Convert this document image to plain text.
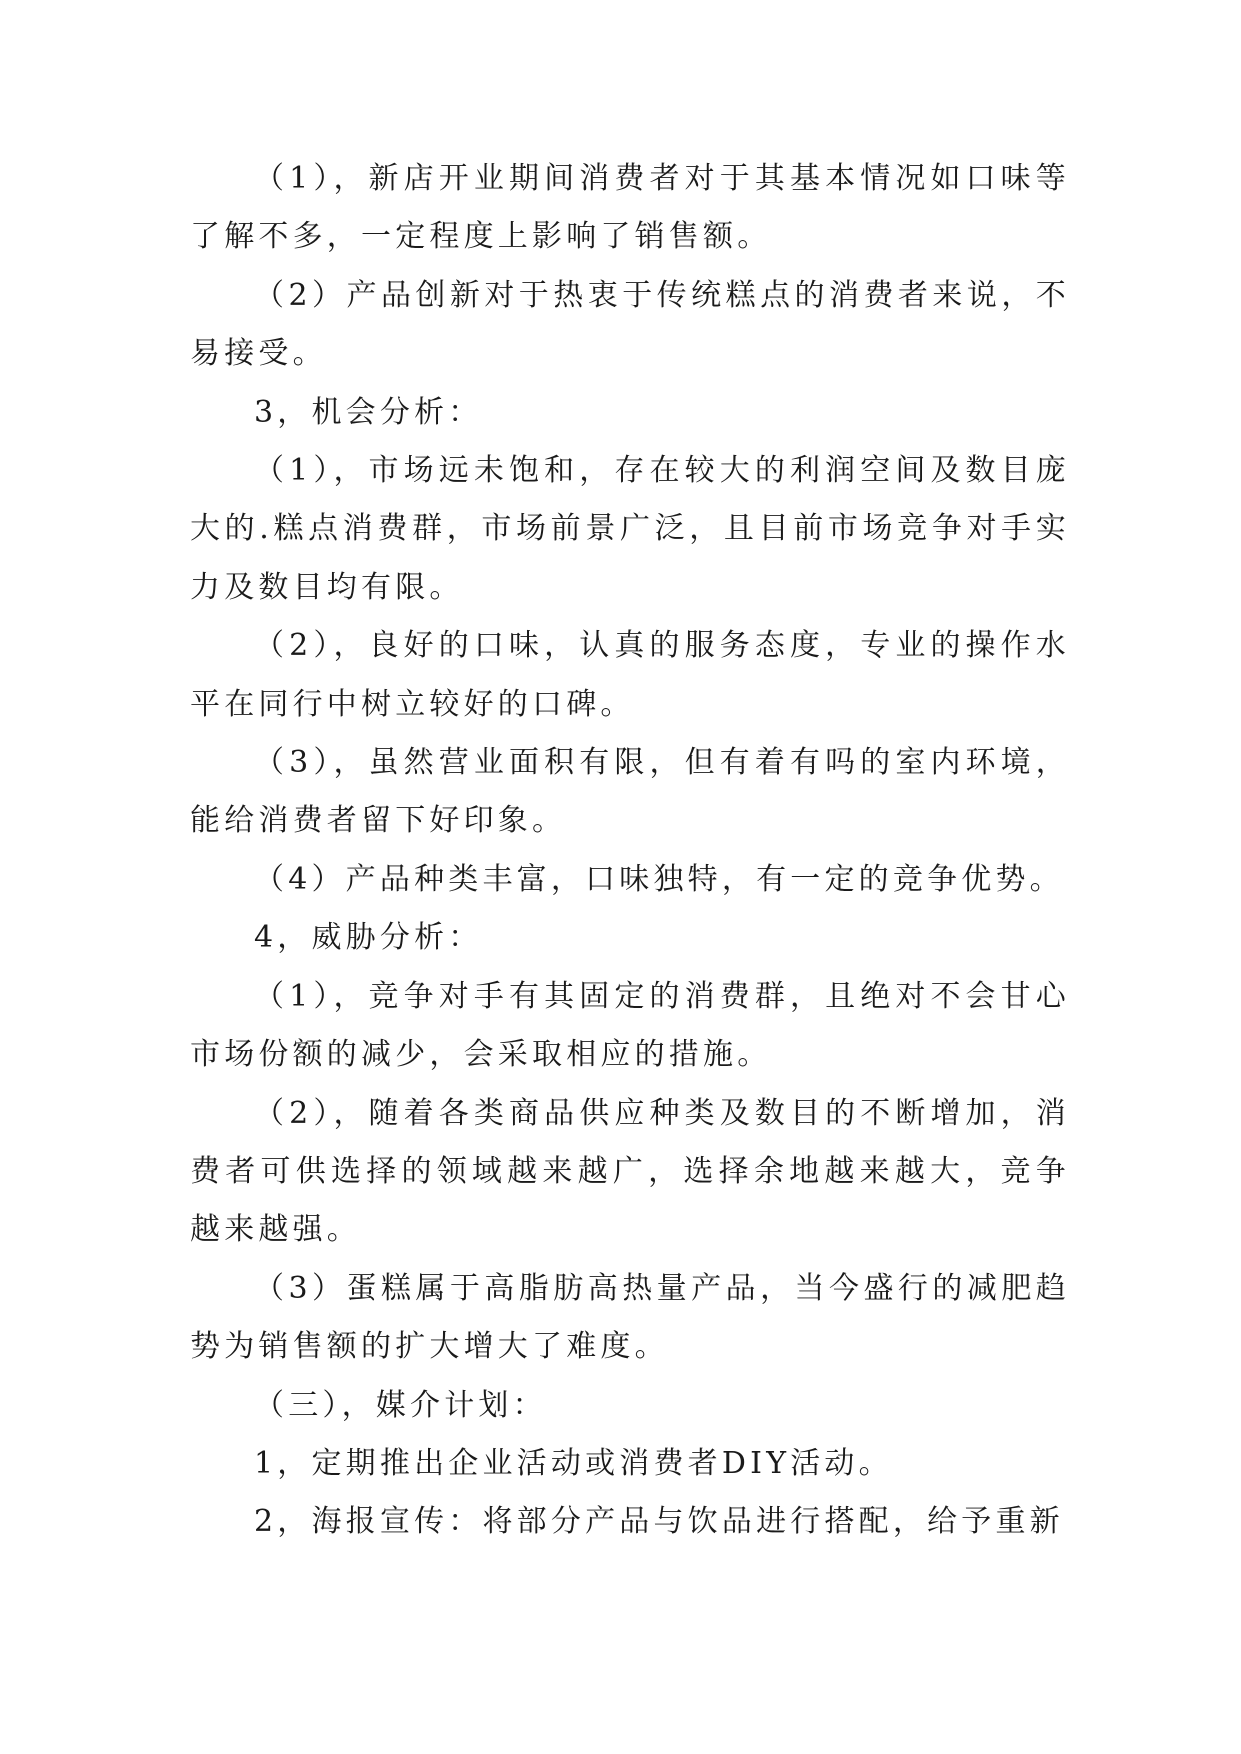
（1），新店开业期间消费者对于其基本情况如口味等了解不多，一定程度上影响了销售额。

（2）产品创新对于热衷于传统糕点的消费者来说，不易接受。

3，机会分析：

（1），市场远未饱和，存在较大的利润空间及数目庞大的.糕点消费群，市场前景广泛，且目前市场竞争对手实力及数目均有限。

（2），良好的口味，认真的服务态度，专业的操作水平在同行中树立较好的口碑。

（3），虽然营业面积有限，但有着有吗的室内环境，能给消费者留下好印象。

（4）产品种类丰富，口味独特，有一定的竞争优势。

4，威胁分析：

（1），竞争对手有其固定的消费群，且绝对不会甘心市场份额的减少，会采取相应的措施。

（2），随着各类商品供应种类及数目的不断增加，消费者可供选择的领域越来越广，选择余地越来越大，竞争越来越强。

（3）蛋糕属于高脂肪高热量产品，当今盛行的减肥趋势为销售额的扩大增大了难度。

（三），媒介计划：

1，定期推出企业活动或消费者DIY活动。

2，海报宣传：将部分产品与饮品进行搭配，给予重新
